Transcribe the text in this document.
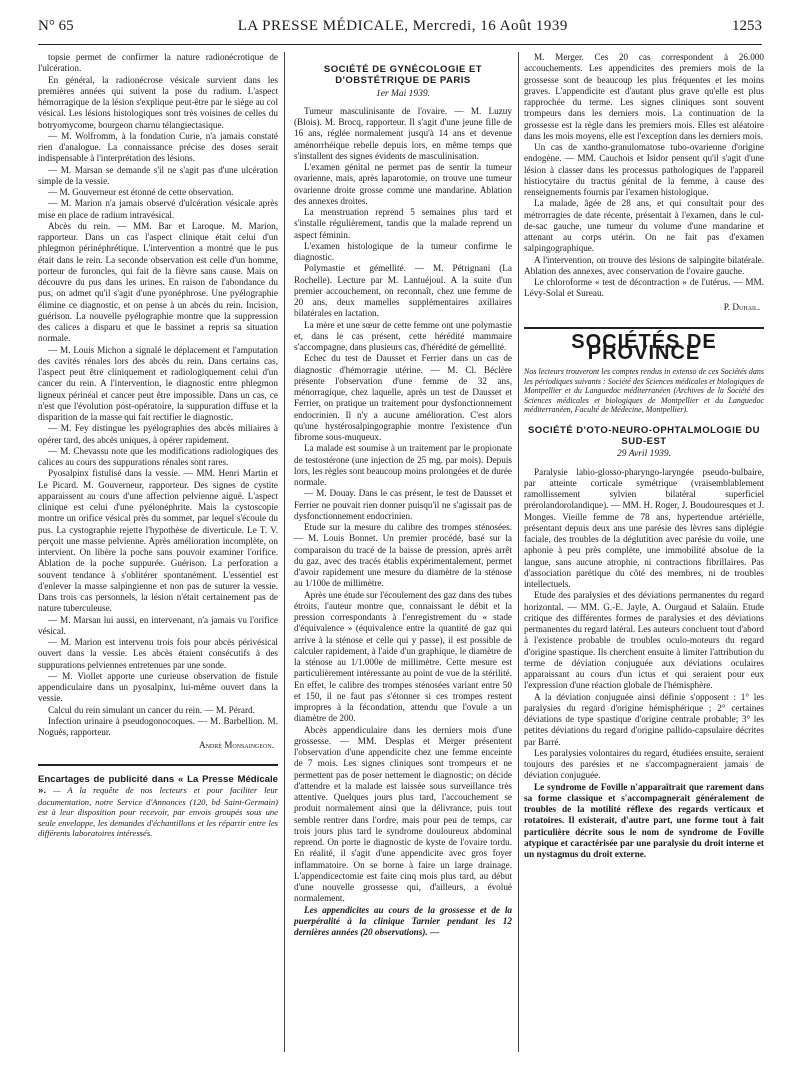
N° 65	LA PRESSE MÉDICALE, Mercredi, 16 Août 1939	1253

topsie permet de confirmer la nature radionécrotique de l'ulcération.

En général, la radionécrose vésicale survient dans les premières années qui suivent la pose du radium. L'aspect hémorragique de la lésion s'explique peut-être par le siège au col vésical. Les lésions histologiques sont très voisines de celles du botryomycome, bourgeon charnu télangiectasique.

— M. Wolfromm, à la fondation Curie, n'a jamais constaté rien d'analogue. La connaissance précise des doses serait indispensable à l'interprétation des lésions.

— M. Marsan se demande s'il ne s'agit pas d'une ulcération simple de la vessie.

— M. Gouverneur est étonné de cette observation.

— M. Marion n'a jamais observé d'ulcération vésicale après mise en place de radium intravésical.

Abcès du rein. — MM. Bar et Laroque. M. Marion, rapporteur. Dans un cas l'aspect clinique était celui d'un phlegmon périnéphrétique. L'intervention a montré que le pus était dans le rein. La seconde observation est celle d'un homme, porteur de furoncles, qui fait de la fièvre sans cause. Mais on découvre du pus dans les urines. En raison de l'abondance du pus, on admet qu'il s'agit d'une pyonéphrose. Une pyélographie élimine ce diagnostic, et on pense à un abcès du rein. Incision, guérison. La nouvelle pyélographie montre que la suppression des calices a disparu et que le bassinet a repris sa situation normale.

— M. Louis Michon a signalé le déplacement et l'amputation des cavités rénales lors des abcès du rein. Dans certains cas, l'aspect peut être cliniquement et radiologiquement celui d'un cancer du rein. A l'intervention, le diagnostic entre phlegmon ligneux périnéal et cancer peut être impossible. Dans un cas, ce n'est que l'évolution post-opératoire, la suppuration diffuse et la disparition de la masse qui fait rectifier le diagnostic.

— M. Fey distingue les pyélographies des abcès miliaires à opérer tard, des abcès uniques, à opérer rapidement.

— M. Chevassu note que les modifications radiologiques des calices au cours des suppurations rénales sont rares.

Pyosalpinx fistulisé dans la vessie. — MM. Henri Martin et Le Picard. M. Gouverneur, rapporteur. Des signes de cystite apparaissent au cours d'une affection pelvienne aiguë. L'aspect clinique est celui d'une pyélonéphrite. Mais la cystoscopie montre un orifice vésical près du sommet, par lequel s'écoule du pus. La cystographie rejette l'hypothèse de diverticule. Le T. V. perçoit une masse pelvienne. Après amélioration incomplète, on intervient. On libère la poche sans pouvoir examiner l'orifice. Ablation de la poche suppurée. Guérison. La perforation a souvent tendance à s'oblitérer spontanément. L'essentiel est d'enlever la masse salpingienne et non pas de suturer la vessie. Dans trois cas personnels, la lésion n'était certainement pas de nature tuberculeuse.

— M. Marsan lui aussi, en intervenant, n'a jamais vu l'orifice vésical.

— M. Marion est intervenu trois fois pour abcès périvésical ouvert dans la vessie. Les abcès étaient consécutifs à des suppurations pelviennes entretenues par une sonde.

— M. Viollet apporte une curieuse observation de fistule appendiculaire dans un pyosalpinx, lui-même ouvert dans la vessie.

Calcul du rein simulant un cancer du rein. — M. Pérard.

Infection urinaire à pseudogonocoques. — M. Barbellion. M. Noguès, rapporteur.

André Monsaingeon.
Encartages de publicité dans « La Presse Médicale ». — A la requête de nos lecteurs et pour faciliter leur documentation, notre Service d'Annonces (120, bd Saint-Germain) est à leur disposition pour recevoir, par envois groupés sous une seule enveloppe, les demandes d'échantillons et les répartir entre les différents laboratoires intéressés.
SOCIÉTÉ DE GYNÉCOLOGIE ET D'OBSTÉTRIQUE DE PARIS
1er Mai 1939.

Tumeur masculinisante de l'ovaire. — M. Luzuy (Blois). M. Brocq, rapporteur. Il s'agit d'une jeune fille de 16 ans, réglée normalement jusqu'à 14 ans et devenue aménorrhéique rebelle depuis lors, en même temps que s'installent des signes évidents de masculinisation.

L'examen génital ne permet pas de sentir la tumeur ovarienne, mais, après laparotomie, on trouve une tumeur ovarienne droite grosse comme une mandarine. Ablation des annexes droites.

La menstruation reprend 5 semaines plus tard et s'installe régulièrement, tandis que la malade reprend un aspect féminin.

L'examen histologique de la tumeur confirme le diagnostic.

Polymastie et gémellité. — M. Pétrignani (La Rochelle). Lecture par M. Lantuéjoul. A la suite d'un premier accouchement, on reconnaît, chez une femme de 20 ans, deux mamelles supplémentaires axillaires bilatérales en lactation.

La mère et une sœur de cette femme ont une polymastie et, dans le cas présent, cette hérédité mammaire s'accompagne, dans plusieurs cas, d'hérédité de gémellité.

Echec du test de Dausset et Ferrier dans un cas de diagnostic d'hémorragie utérine. — M. Cl. Béclère présente l'observation d'une femme de 32 ans, ménorragique, chez laquelle, après un test de Dausset et Ferrier, on pratique un traitement pour dysfonctionnement endocrinien. Il n'y a aucune amélioration. C'est alors qu'une hystérosalpingographie montre l'existence d'un fibrome sous-muqueux.

La malade est soumise à un traitement par le propionate de testostérone (une injection de 25 mg. par mois). Depuis lors, les règles sont beaucoup moins prolongées et de durée normale.

— M. Douay. Dans le cas présent, le test de Dausset et Ferrier ne pouvait rien donner puisqu'il ne s'agissait pas de dysfonctionnement endocrinien.

Etude sur la mesure du calibre des trompes sténosées. — M. Louis Bonnet. Un premier procédé, basé sur la comparaison du tracé de la baisse de pression, après arrêt du gaz, avec des tracés établis expérimentalement, permet d'avoir rapidement une mesure du diamètre de la sténose au 1/100e de millimètre.

Après une étude sur l'écoulement des gaz dans des tubes étroits, l'auteur montre que, connaissant le débit et la pression correspondants à l'enregistrement du « stade d'équivalence » (équivalence entre la quantité de gaz qui arrive à la sténose et celle qui y passe), il est possible de calculer rapidement, à l'aide d'un graphique, le diamètre de la sténose au 1/1.000e de millimètre. Cette mesure est particulièrement intéressante au point de vue de la stérilité. En effet, le calibre des trompes sténosées variant entre 50 et 150, il ne faut pas s'étonner si ces trompes restent impropres à la fécondation, attendu que l'ovule a un diamètre de 200.

Abcès appendiculaire dans les derniers mois d'une grossesse. — MM. Desplas et Merger présentent l'observation d'une appendicite chez une femme enceinte de 7 mois. Les signes cliniques sont trompeurs et ne permettent pas de poser nettement le diagnostic; on décide d'attendre et la malade est laissée sous surveillance très attentive. Quelques jours plus tard, l'accouchement se produit normalement ainsi que la délivrance, puis tout semble rentrer dans l'ordre, mais pour peu de temps, car trois jours plus tard le syndrome douloureux abdominal reprend. On porte le diagnostic de kyste de l'ovaire tordu. En réalité, il s'agit d'une appendicite avec gros foyer inflammatoire. On se borne à faire un large drainage. L'appendicectomie est faite cinq mois plus tard, au début d'une nouvelle grossesse qui, d'ailleurs, a évolué normalement.

Les appendicites au cours de la grossesse et de la puerpéralité à la clinique Tarnier pendant les 12 dernières années (20 observations). —

M. Merger. Ces 20 cas correspondent à 26.000 accouchements. Les appendicites des premiers mois de la grossesse sont de beaucoup les plus fréquentes et les moins graves. L'appendicite est d'autant plus grave qu'elle est plus rapprochée du terme. Les signes cliniques sont souvent trompeurs dans les derniers mois. La continuation de la grossesse est la règle dans les premiers mois. Elles est aléatoire dans les mois moyens, elle est l'exception dans les derniers mois.

Un cas de xantho-granulomatose tubo-ovarienne d'origine endogène. — MM. Cauchois et Isidor pensent qu'il s'agit d'une lésion à classer dans les processus pathologiques de l'appareil histiocytaire du tractus génital de la femme, à cause des renseignements fournis par l'examen histologique.

La malade, âgée de 28 ans, et qui consultait pour des métrorragies de date récente, présentait à l'examen, dans le cul-de-sac gauche, une tumeur du volume d'une mandarine et attenant au corps utérin. On ne fait pas d'examen salpingographique.

A l'intervention, on trouve des lésions de salpingite bilatérale. Ablation des annexes, avec conservation de l'ovaire gauche.

Le chloroforme « test de décontraction » de l'utérus. — MM. Lévy-Solal et Sureau.

P. Duhail.
SOCIÉTÉS DE PROVINCE
Nos lecteurs trouveront les comptes rendus in extenso de ces Sociétés dans les périodiques suivants : Société des Sciences médicales et biologiques de Montpellier et du Languedoc méditerranéen (Archives de la Société des Sciences médicales et biologiques de Montpellier et du Languedoc méditerranéen, Faculté de Médecine, Montpellier).
SOCIÉTÉ D'OTO-NEURO-OPHTALMOLOGIE DU SUD-EST
29 Avril 1939.

Paralysie labio-glosso-pharyngo-laryngée pseudo-bulbaire, par atteinte corticale symétrique (vraisemblablement ramollissement sylvien bilatéral superficiel prérolandorolandique). — MM. H. Roger, J. Boudouresques et J. Monges. Vieille femme de 78 ans, hypertendue artérielle, présentant depuis deux ans une parésie des lèvres sans diplégie faciale, des troubles de la déglutition avec parésie du voile, une aphonie à peu près complète, une immobilité absolue de la langue, sans aucune atrophie, ni contractions fibrillaires. Pas d'association parétique du côté des membres, ni de troubles intellectuels.

Etude des paralysies et des déviations permanentes du regard horizontal. — MM. G.-E. Jayle, A. Ourgaud et Salaün. Etude critique des différentes formes de paralysies et des déviations permanentes du regard latéral. Les auteurs concluent tout d'abord à l'existence probable de troubles oculo-moteurs du regard d'origine spastique. Ils cherchent ensuite à limiter l'attribution du terme de déviation conjuguée aux déviations oculaires apparaissant au cours d'un ictus et qui seraient pour eux l'expression d'une réaction globale de l'hémisphère.

A la déviation conjuguée ainsi définie s'opposent : 1° les paralysies du regard d'origine hémisphérique ; 2° certaines déviations de type spastique d'origine centrale probable; 3° les petites déviations du regard d'origine pallido-capsulaire décrites par Barré.

Les paralysies volontaires du regard, étudiées ensuite, seraient toujours des parésies et ne s'accompagneraient jamais de déviation conjuguée.

Le syndrome de Foville n'apparaîtrait que rarement dans sa forme classique et s'accompagnerait généralement de troubles de la motilité réflexe des regards verticaux et rotatoires. Il existerait, d'autre part, une forme tout à fait particulière décrite sous le nom de syndrome de Foville atypique et caractérisée par une paralysie du droit interne et un nystagmus du droit externe.
